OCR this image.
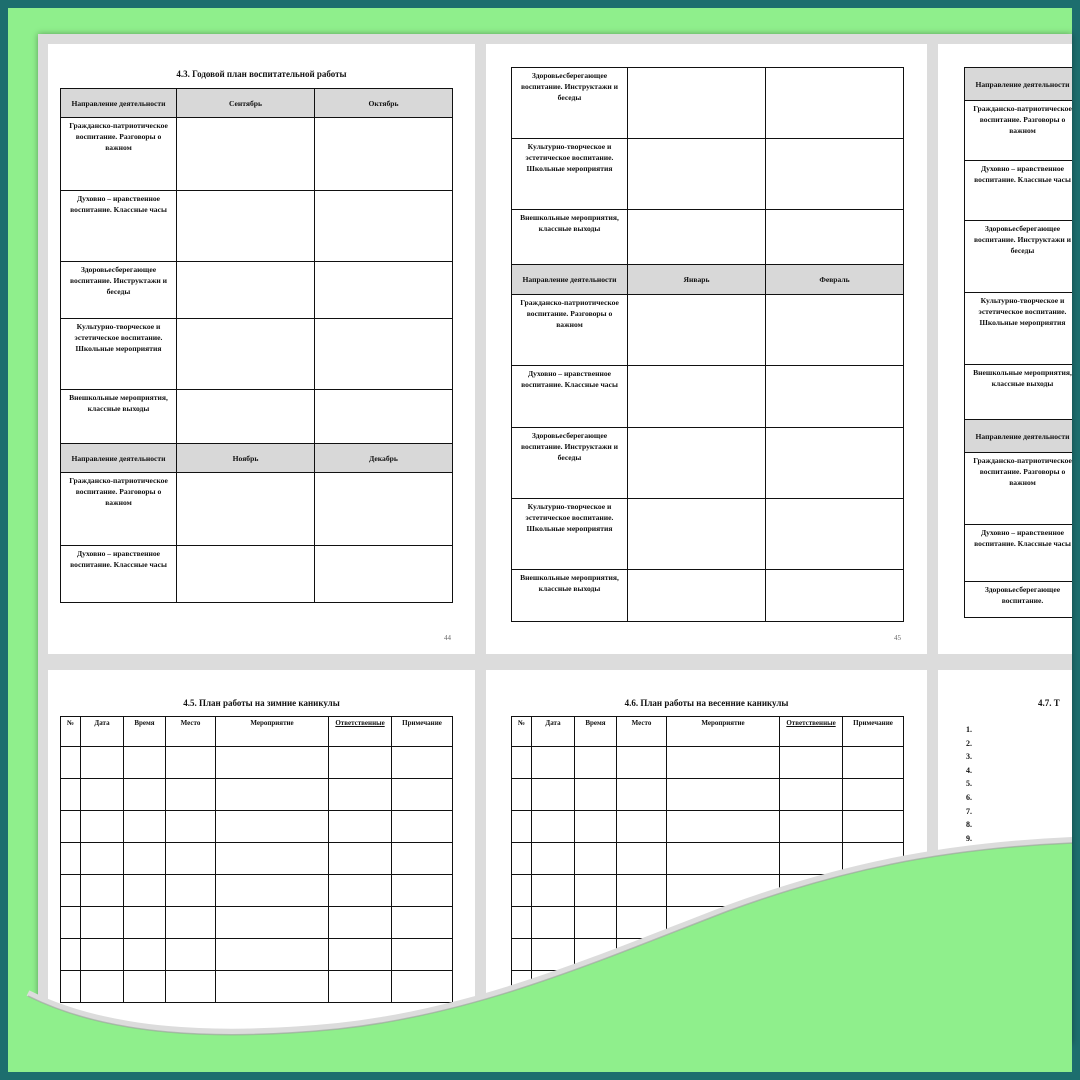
4.3. Годовой план воспитательной работы
Направление деятельности	Сентябрь	Октябрь
Гражданско-патриотическое воспитание. Разговоры о важном		
Духовно – нравственное воспитание. Классные часы		
Здоровьесберегающее воспитание. Инструктажи и беседы		
Культурно-творческое и эстетическое воспитание. Школьные мероприятия		
Внешкольные мероприятия, классные выходы		
Направление деятельности	Ноябрь	Декабрь
Гражданско-патриотическое воспитание. Разговоры о важном		
Духовно – нравственное воспитание. Классные часы		
44
Здоровьесберегающее воспитание. Инструктажи и беседы		
Культурно-творческое и эстетическое воспитание. Школьные мероприятия		
Внешкольные мероприятия, классные выходы		
Направление деятельности	Январь	Февраль
Гражданско-патриотическое воспитание. Разговоры о важном		
Духовно – нравственное воспитание. Классные часы		
Здоровьесберегающее воспитание. Инструктажи и беседы		
Культурно-творческое и эстетическое воспитание. Школьные мероприятия		
Внешкольные мероприятия, классные выходы		
45
Направление деятельности
Гражданско-патриотическое воспитание. Разговоры о важном
Духовно – нравственное воспитание. Классные часы
Здоровьесберегающее воспитание. Инструктажи и беседы
Культурно-творческое и эстетическое воспитание. Школьные мероприятия
Внешкольные мероприятия, классные выходы
Направление деятельности
Гражданско-патриотическое воспитание. Разговоры о важном
Духовно – нравственное воспитание. Классные часы
Здоровьесберегающее воспитание.
4.5. План работы на зимние каникулы
№	Дата	Время	Место	Мероприятие	Ответственные	Примечание

4.6. План работы на весенние каникулы
№	Дата	Время	Место	Мероприятие	Ответственные	Примечание

4.7. Т
1.
2.
3.
4.
5.
6.
7.
8.
9.
